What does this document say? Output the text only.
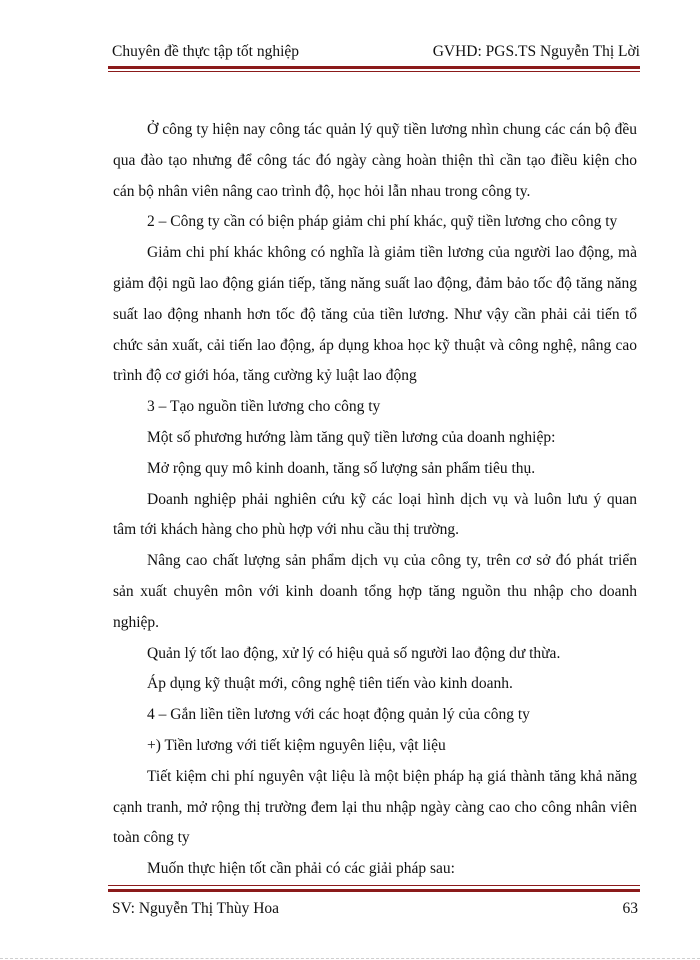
Chuyên đề thực tập tốt nghiệp	GVHD: PGS.TS Nguyễn Thị Lời

Ở công ty hiện nay công tác quản lý quỹ tiền lương nhìn chung các cán bộ đều qua đào tạo nhưng để công tác đó ngày càng hoàn thiện thì cần tạo điều kiện cho cán bộ nhân viên nâng cao trình độ, học hỏi lẫn nhau trong công ty.

2 – Công ty cần có biện pháp giảm chi phí khác, quỹ tiền lương cho công ty

Giảm chi phí khác không có nghĩa là giảm tiền lương của người lao động, mà giảm đội ngũ lao động gián tiếp, tăng năng suất lao động, đảm bảo tốc độ tăng năng suất lao động nhanh hơn tốc độ tăng của tiền lương. Như vậy cần phải cải tiến tổ chức sản xuất, cải tiến lao động, áp dụng khoa học kỹ thuật và công nghệ, nâng cao trình độ cơ giới hóa, tăng cường kỷ luật lao động

3 – Tạo nguồn tiền lương cho công ty

Một số phương hướng làm tăng quỹ tiền lương của doanh nghiệp:

Mở rộng quy mô kinh doanh, tăng số lượng sản phẩm tiêu thụ.

Doanh nghiệp phải nghiên cứu kỹ các loại hình dịch vụ và luôn lưu ý quan tâm tới khách hàng cho phù hợp với nhu cầu thị trường.

Nâng cao chất lượng sản phẩm dịch vụ của công ty, trên cơ sở đó phát triển sản xuất chuyên môn với kinh doanh tổng hợp tăng nguồn thu nhập cho doanh nghiệp.

Quản lý tốt lao động, xử lý có hiệu quả số người lao động dư thừa.

Áp dụng kỹ thuật mới, công nghệ tiên tiến vào kinh doanh.

4 – Gắn liền tiền lương với các hoạt động quản lý của công ty

+) Tiền lương với tiết kiệm nguyên liệu, vật liệu

Tiết kiệm chi phí nguyên vật liệu là một biện pháp hạ giá thành tăng khả năng cạnh tranh, mở rộng thị trường đem lại thu nhập ngày càng cao cho công nhân viên toàn công ty

Muốn thực hiện tốt cần phải có các giải pháp sau:

SV: Nguyễn Thị Thùy Hoa	63
